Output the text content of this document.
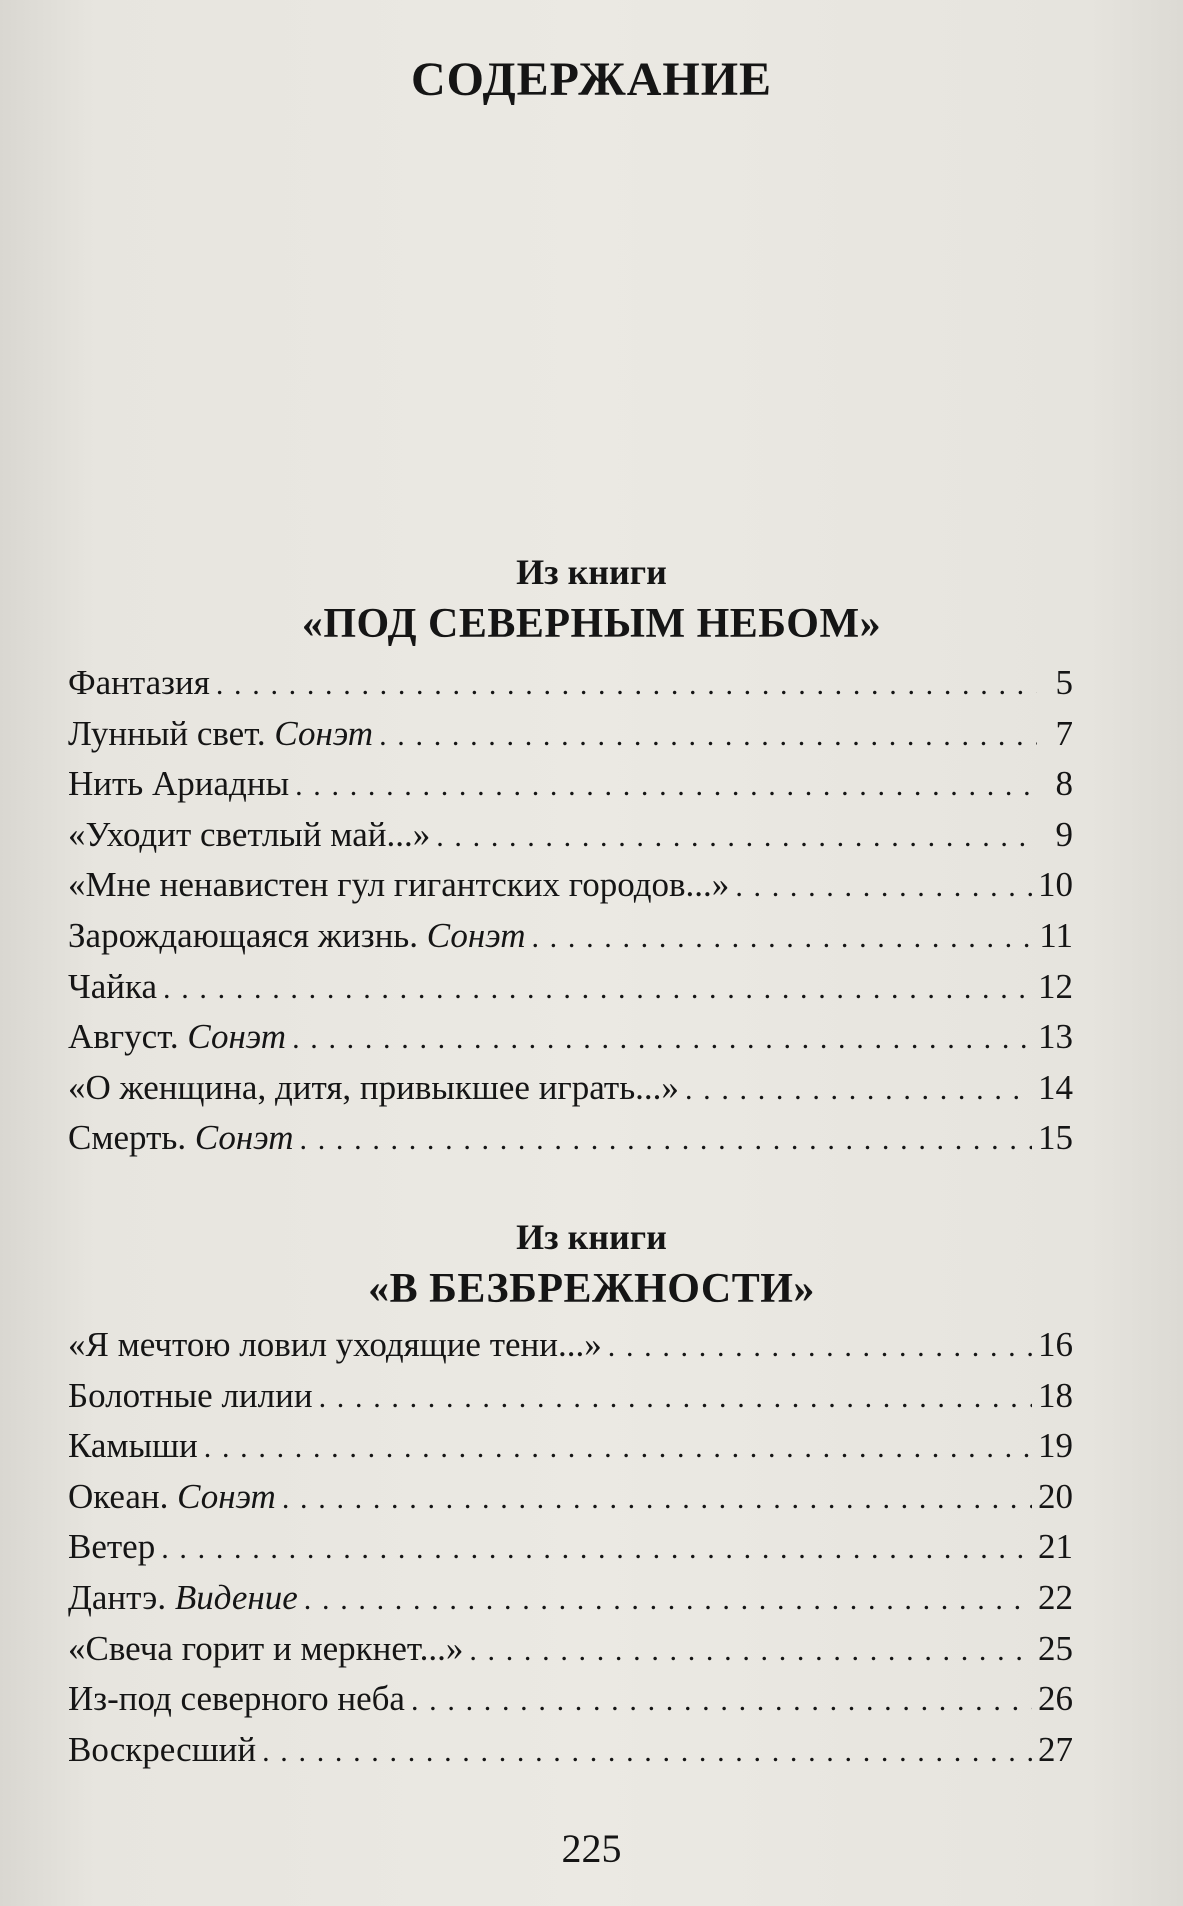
СОДЕРЖАНИЕ
Из книги
«ПОД СЕВЕРНЫМ НЕБОМ»
Фантазия . . .	5
Лунный свет. Сонэт . . .	7
Нить Ариадны . . .	8
«Уходит светлый май...» . . .	9
«Мне ненавистен гул гигантских городов...» . . .	10
Зарождающаяся жизнь. Сонэт . . .	11
Чайка . . .	12
Август. Сонэт . . .	13
«О женщина, дитя, привыкшее играть...» . . .	14
Смерть. Сонэт . . .	15
Из книги
«В БЕЗБРЕЖНОСТИ»
«Я мечтою ловил уходящие тени...» . . .	16
Болотные лилии . . .	18
Камыши . . .	19
Океан. Сонэт . . .	20
Ветер . . .	21
Дантэ. Видение . . .	22
«Свеча горит и меркнет...» . . .	25
Из-под северного неба . . .	26
Воскресший . . .	27
225
